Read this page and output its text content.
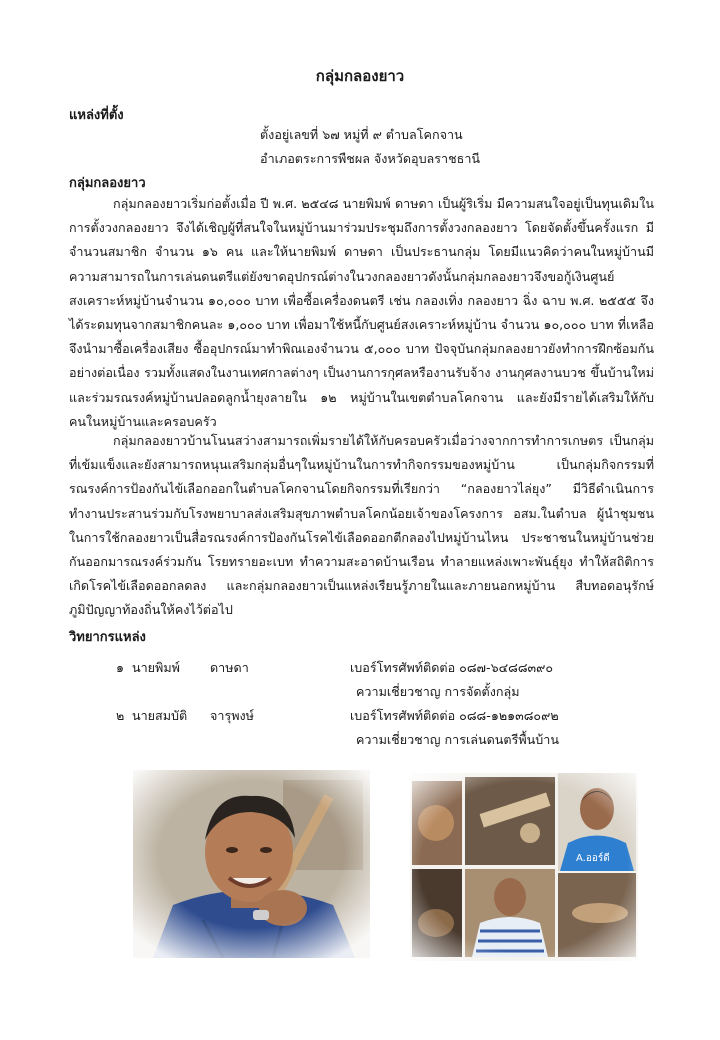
กลุ่มกลองยาว
แหล่งที่ตั้ง
ตั้งอยู่เลขที่ ๖๗ หมู่ที่ ๙ ตำบลโคกจาน
อำเภอตระการพืชผล จังหวัดอุบลราชธานี
กลุ่มกลองยาว
กลุ่มกลองยาวเริ่มก่อตั้งเมื่อ ปี พ.ศ. ๒๕๔๘ นายพิมพ์ ดาษดา เป็นผู้ริเริ่ม มีความสนใจอยู่เป็นทุนเดิมในการตั้งวงกลองยาว จึงได้เชิญผู้ที่สนใจในหมู่บ้านมาร่วมประชุมถึงการตั้งวงกลองยาว โดยจัดตั้งขึ้นครั้งแรก มีจำนวนสมาชิก จำนวน ๑๖ คน และให้นายพิมพ์ ดาษดา เป็นประธานกลุ่ม โดยมีแนวคิดว่าคนในหมู่บ้านมีความสามารถในการเล่นดนตรีแต่ยังขาดอุปกรณ์ต่างในวงกลองยาวดังนั้นกลุ่มกลองยาวจึงขอกู้เงินศูนย์สงเคราะห์หมู่บ้านจำนวน ๑๐,๐๐๐ บาท เพื่อซื้อเครื่องดนตรี เช่น กลองเทิ่ง กลองยาว ฉิ่ง ฉาบ พ.ศ. ๒๕๕๕ จึงได้ระดมทุนจากสมาชิกคนละ ๑,๐๐๐ บาท เพื่อมาใช้หนี้กับศูนย์สงเคราะห์หมู่บ้าน จำนวน ๑๐,๐๐๐ บาท ที่เหลือจึงนำมาซื้อเครื่องเสียง ซื้ออุปกรณ์มาทำพิณเองจำนวน ๕,๐๐๐ บาท ปัจจุบันกลุ่มกลองยาวยังทำการฝึกซ้อมกันอย่างต่อเนื่อง รวมทั้งแสดงในงานเทศกาลต่างๆ เป็นงานการกุศลหรืองานรับจ้าง งานกุศลงานบวช ขึ้นบ้านใหม่ และร่วมรณรงค์หมู่บ้านปลอดลูกน้ำยุงลายใน ๑๒ หมู่บ้านในเขตตำบลโคกจาน และยังมีรายได้เสริมให้กับคนในหมู่บ้านและครอบครัว
กลุ่มกลองยาวบ้านโนนสว่างสามารถเพิ่มรายได้ให้กับครอบครัวเมื่อว่างจากการทำการเกษตร เป็นกลุ่มที่เข้มแข็งและยังสามารถหนุนเสริมกลุ่มอื่นๆในหมู่บ้านในการทำกิจกรรมของหมู่บ้าน เป็นกลุ่มกิจกรรมที่รณรงค์การป้องกันไข้เลือกออกในตำบลโคกจานโดยกิจกรรมที่เรียกว่า “กลองยาวไล่ยุง” มีวิธีดำเนินการทำงานประสานร่วมกับโรงพยาบาลส่งเสริมสุขภาพตำบลโคกน้อยเจ้าของโครงการ อสม.ในตำบล ผู้นำชุมชนในการใช้กลองยาวเป็นสื่อรณรงค์การป้องกันโรคไข้เลือดออกตีกลองไปหมู่บ้านไหน ประชาชนในหมู่บ้านช่วยกันออกมารณรงค์ร่วมกัน โรยทรายอะเบท ทำความสะอาดบ้านเรือน ทำลายแหล่งเพาะพันธุ์ยุง ทำให้สถิติการเกิดโรคไข้เลือดออกลดลง และกลุ่มกลองยาวเป็นแหล่งเรียนรู้ภายในและภายนอกหมู่บ้าน สืบทอดอนุรักษ์ภูมิปัญญาท้องถิ่นให้คงไว้ต่อไป
วิทยากรแหล่ง
๑ นายพิมพ์ ดาษดา	เบอร์โทรศัพท์ติดต่อ ๐๘๗-๖๔๘๘๓๙๐
ความเชี่ยวชาญ การจัดตั้งกลุ่ม
๒ นายสมบัติ จารุพงษ์	เบอร์โทรศัพท์ติดต่อ ๐๘๘-๑๒๑๓๘๐๙๒
ความเชี่ยวชาญ การเล่นดนตรีพื้นบ้าน
